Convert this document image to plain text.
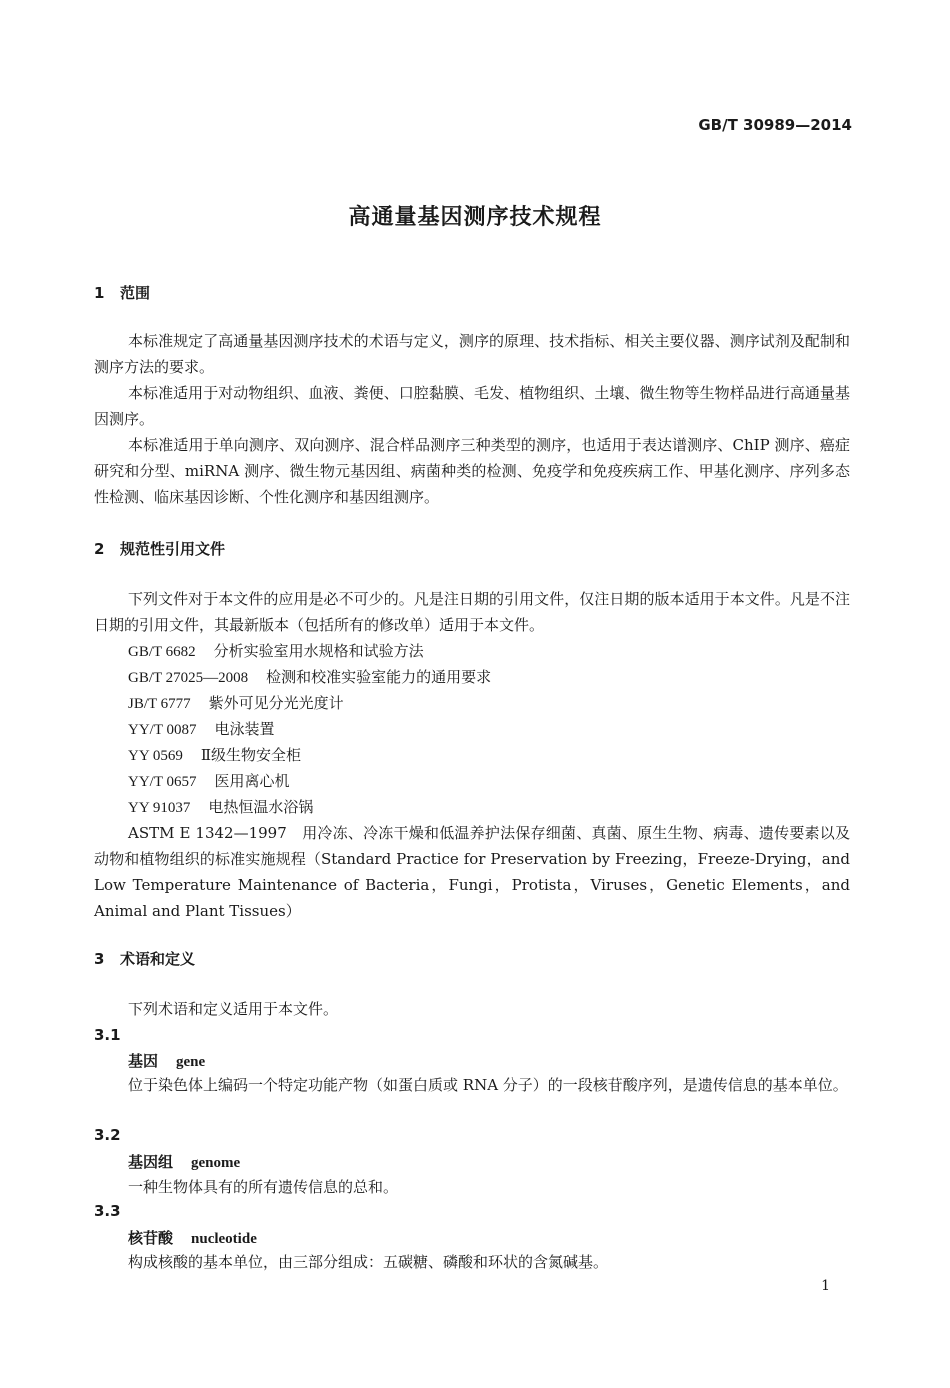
GB/T 30989—2014
高通量基因测序技术规程
1 范围
本标准规定了高通量基因测序技术的术语与定义，测序的原理、技术指标、相关主要仪器、测序试剂及配制和测序方法的要求。
本标准适用于对动物组织、血液、粪便、口腔黏膜、毛发、植物组织、土壤、微生物等生物样品进行高通量基因测序。
本标准适用于单向测序、双向测序、混合样品测序三种类型的测序，也适用于表达谱测序、ChIP 测序、癌症研究和分型、miRNA 测序、微生物元基因组、病菌种类的检测、免疫学和免疫疾病工作、甲基化测序、序列多态性检测、临床基因诊断、个性化测序和基因组测序。
2 规范性引用文件
下列文件对于本文件的应用是必不可少的。凡是注日期的引用文件，仅注日期的版本适用于本文件。凡是不注日期的引用文件，其最新版本（包括所有的修改单）适用于本文件。
GB/T 6682 分析实验室用水规格和试验方法
GB/T 27025—2008 检测和校准实验室能力的通用要求
JB/T 6777 紫外可见分光光度计
YY/T 0087 电泳装置
YY 0569 Ⅱ级生物安全柜
YY/T 0657 医用离心机
YY 91037 电热恒温水浴锅
ASTM E 1342—1997　用冷冻、冷冻干燥和低温养护法保存细菌、真菌、原生生物、病毒、遗传要素以及动物和植物组织的标准实施规程（Standard Practice for Preservation by Freezing，Freeze-Drying，and Low Temperature Maintenance of Bacteria，Fungi，Protista，Viruses，Genetic Elements，and Animal and Plant Tissues）
3 术语和定义
下列术语和定义适用于本文件。
3.1
基因 gene
位于染色体上编码一个特定功能产物（如蛋白质或 RNA 分子）的一段核苷酸序列，是遗传信息的基本单位。
3.2
基因组 genome
一种生物体具有的所有遗传信息的总和。
3.3
核苷酸 nucleotide
构成核酸的基本单位，由三部分组成：五碳糖、磷酸和环状的含氮碱基。
1
